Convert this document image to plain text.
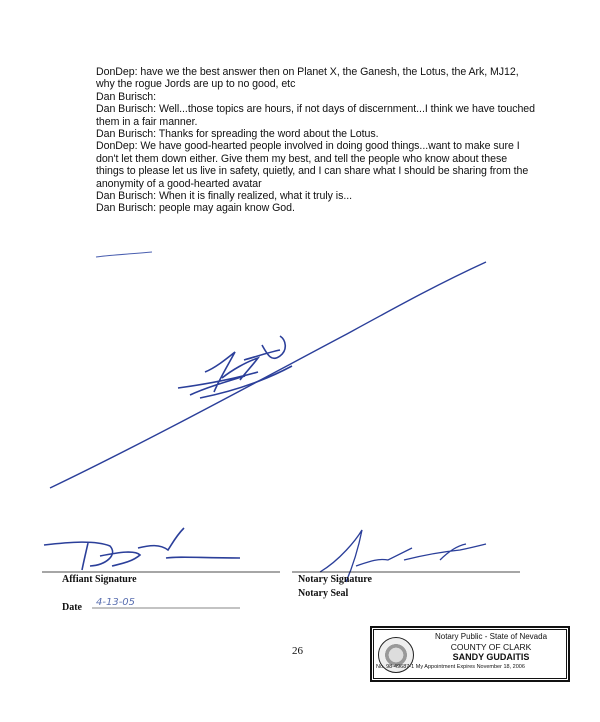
DonDep: have we the best answer then on Planet X, the Ganesh, the Lotus, the Ark, MJ12, why the rogue Jords are up to no good, etc

Dan Burisch:

Dan Burisch: Well...those topics are hours, if not days of discernment...I think we have touched them in a fair manner.

Dan Burisch: Thanks for spreading the word about the Lotus.

DonDep: We have good-hearted people involved in doing good things...want to make sure I don't let them down either. Give them my best, and tell the people who know about these things to please let us live in safety, quietly, and I can share what I should be sharing from the anonymity of a good-hearted avatar

Dan Burisch: When it is finally realized, what it truly is...

Dan Burisch: people may again know God.

Affiant Signature
Date 4-13-05
Notary Signature
Notary Seal
26
Notary Public - State of Nevada
COUNTY OF CLARK
SANDY GUDAITIS
No. 98-49687-1 My Appointment Expires November 18, 2006
